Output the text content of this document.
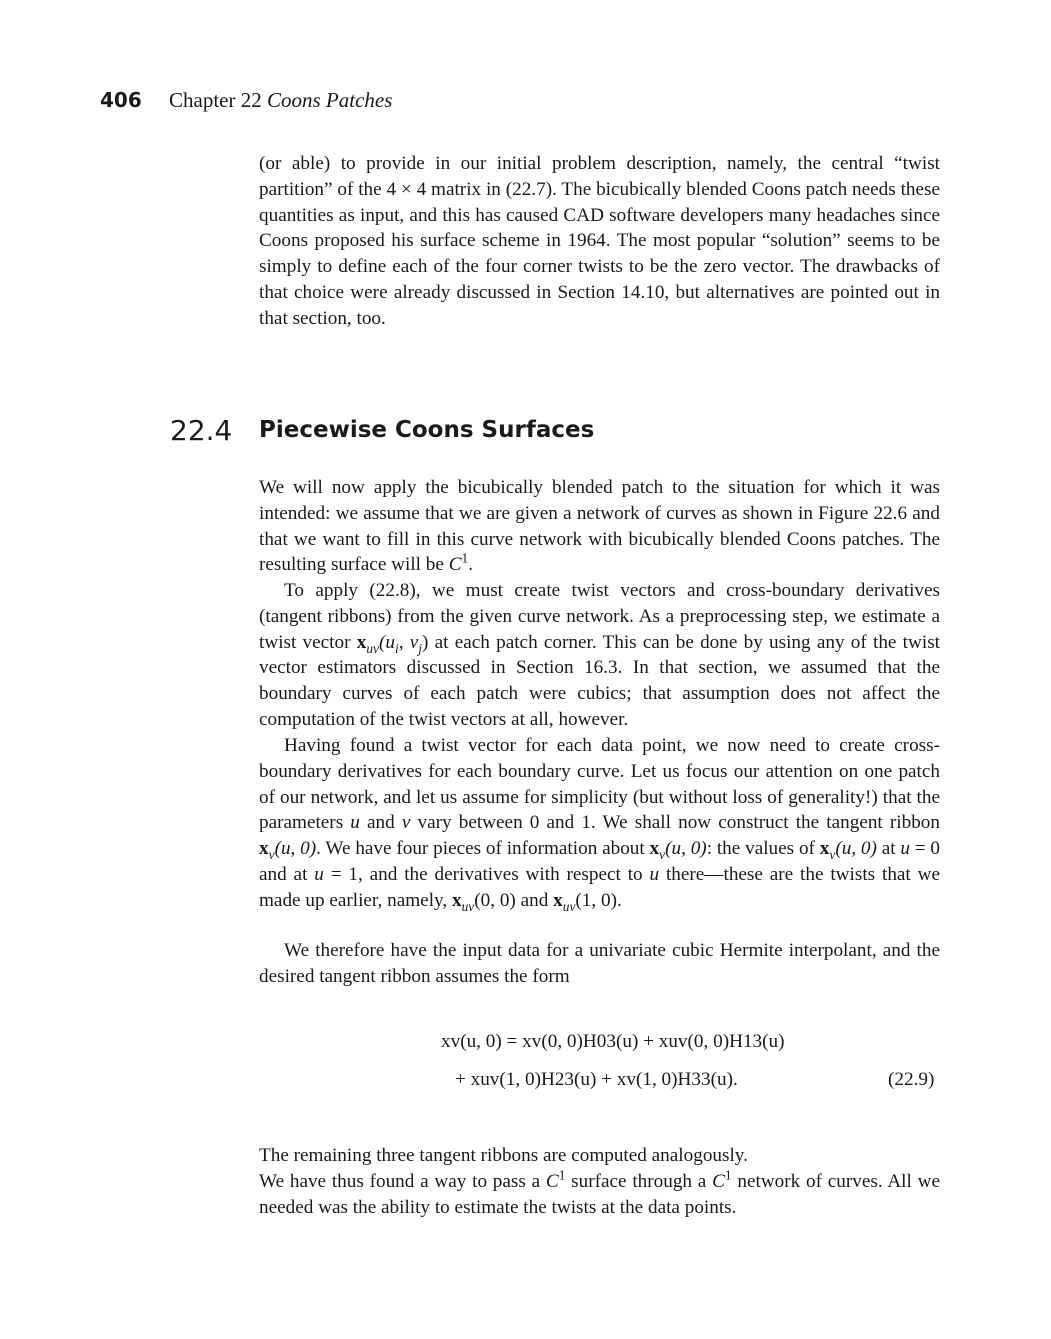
406 Chapter 22 Coons Patches

(or able) to provide in our initial problem description, namely, the central “twist partition” of the 4 × 4 matrix in (22.7). The bicubically blended Coons patch needs these quantities as input, and this has caused CAD software developers many headaches since Coons proposed his surface scheme in 1964. The most popular “solution” seems to be simply to define each of the four corner twists to be the zero vector. The drawbacks of that choice were already discussed in Section 14.10, but alternatives are pointed out in that section, too.

22.4 Piecewise Coons Surfaces

We will now apply the bicubically blended patch to the situation for which it was intended: we assume that we are given a network of curves as shown in Figure 22.6 and that we want to fill in this curve network with bicubically blended Coons patches. The resulting surface will be $C^1$.

To apply (22.8), we must create twist vectors and cross-boundary derivatives (tangent ribbons) from the given curve network. As a preprocessing step, we estimate a twist vector $x_{uv}(u_i$, $v_j$) at each patch corner. This can be done by using any of the twist vector estimators discussed in Section 16.3. In that section, we assumed that the boundary curves of each patch were cubics; that assumption does not affect the computation of the twist vectors at all, however.

Having found a twist vector for each data point, we now need to create cross-boundary derivatives for each boundary curve. Let us focus our attention on one patch of our network, and let us assume for simplicity (but without loss of generality!) that the parameters u and v vary between 0 and 1. We shall now construct the tangent ribbon $x_v(u$, 0). We have four pieces of information about $x_v(u$, 0): the values of $x_v(u$, 0) at u = 0 and at u = 1, and the derivatives with respect to u there—these are the twists that we made up earlier, namely, $x_{uv}(0$, 0) and $x_{uv}(1$, 0).

We therefore have the input data for a univariate cubic Hermite interpolant, and the desired tangent ribbon assumes the form

xv(u, 0) = xv(0, 0)H03(u) + xuv(0, 0)H13(u)
+ xuv(1, 0)H23(u) + xv(1, 0)H33(u).	(22.9)

The remaining three tangent ribbons are computed analogously.

We have thus found a way to pass a $C^1$ surface through a $C^1$ network of curves. All we needed was the ability to estimate the twists at the data points.
